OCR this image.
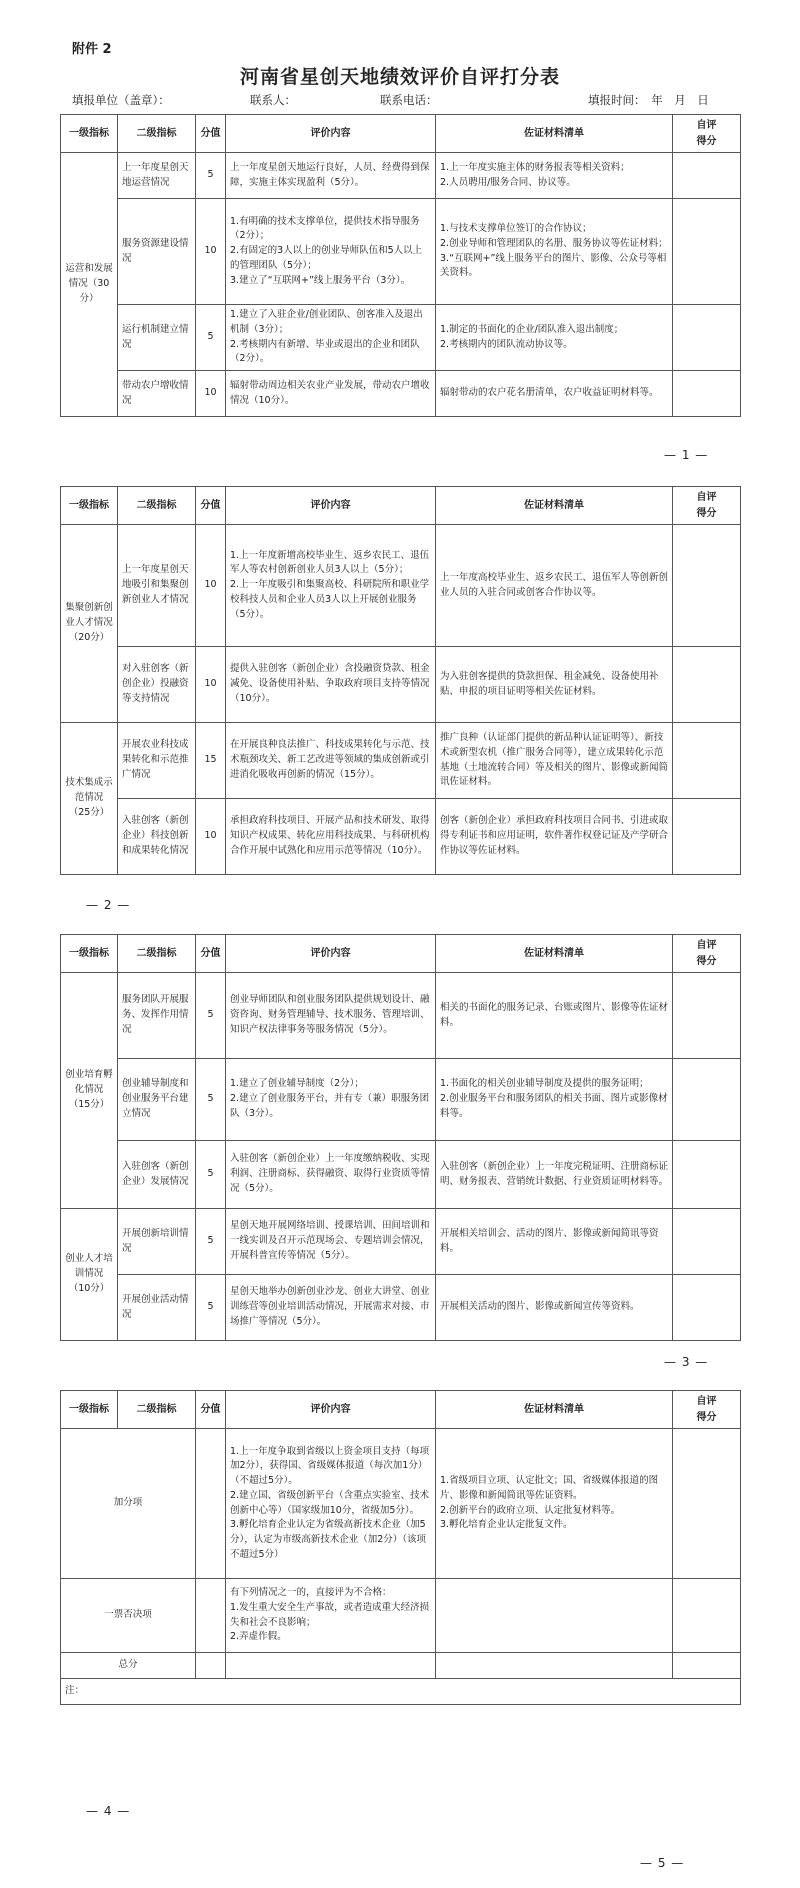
附件 2
河南省星创天地绩效评价自评打分表
填报单位（盖章）：	联系人：	联系电话：	填报时间：　年　月　日
一级指标	二级指标	分值	评价内容	佐证材料清单	自评
得分
运营和发展情况（30分）	上一年度星创天地运营情况	5	上一年度星创天地运行良好，人员、经费得到保障，实施主体实现盈利（5分）。	1.上一年度实施主体的财务报表等相关资料；
2.人员聘用/服务合同、协议等。	
	服务资源建设情况	10	1.有明确的技术支撑单位，提供技术指导服务（2分）；
2.有固定的3人以上的创业导师队伍和5人以上的管理团队（5分）；
3.建立了“互联网+”线上服务平台（3分）。	1.与技术支撑单位签订的合作协议；
2.创业导师和管理团队的名册、服务协议等佐证材料；
3.“互联网+”线上服务平台的图片、影像、公众号等相关资料。	
	运行机制建立情况	5	1.建立了入驻企业/创业团队、创客准入及退出机制（3分）；
2.考核期内有新增、毕业或退出的企业和团队（2分）。	1.制定的书面化的企业/团队准入退出制度；
2.考核期内的团队流动协议等。	
	带动农户增收情况	10	辐射带动周边相关农业产业发展，带动农户增收情况（10分）。	辐射带动的农户花名册清单，农户收益证明材料等。	
— 1 —
一级指标	二级指标	分值	评价内容	佐证材料清单	自评
得分
集聚创新创业人才情况（20分）	上一年度星创天地吸引和集聚创新创业人才情况	10	1.上一年度新增高校毕业生、返乡农民工、退伍军人等农村创新创业人员3人以上（5分）；
2.上一年度吸引和集聚高校、科研院所和职业学校科技人员和企业人员3人以上开展创业服务（5分）。	上一年度高校毕业生、返乡农民工、退伍军人等创新创业人员的入驻合同或创客合作协议等。	
	对入驻创客（新创企业）投融资等支持情况	10	提供入驻创客（新创企业）含投融资贷款、租金减免、设备使用补贴、争取政府项目支持等情况（10分）。	为入驻创客提供的贷款担保、租金减免、设备使用补贴、申报的项目证明等相关佐证材料。	
技术集成示范情况（25分）	开展农业科技成果转化和示范推广情况	15	在开展良种良法推广、科技成果转化与示范、技术瓶颈攻关、新工艺改进等领域的集成创新或引进消化吸收再创新的情况（15分）。	推广良种（认证部门提供的新品种认证证明等）、新技术或新型农机（推广服务合同等），建立成果转化示范基地（土地流转合同）等及相关的图片、影像或新闻简讯佐证材料。	
	入驻创客（新创企业）科技创新和成果转化情况	10	承担政府科技项目、开展产品和技术研发、取得知识产权成果、转化应用科技成果、与科研机构合作开展中试熟化和应用示范等情况（10分）。	创客（新创企业）承担政府科技项目合同书、引进或取得专利证书和应用证明，软件著作权登记证及产学研合作协议等佐证材料。	
— 2 —
一级指标	二级指标	分值	评价内容	佐证材料清单	自评
得分
创业培育孵化情况（15分）	服务团队开展服务、发挥作用情况	5	创业导师团队和创业服务团队提供规划设计、融资咨询、财务管理辅导、技术服务、管理培训、知识产权法律事务等服务情况（5分）。	相关的书面化的服务记录、台账或图片、影像等佐证材料。	
	创业辅导制度和创业服务平台建立情况	5	1.建立了创业辅导制度（2分）；
2.建立了创业服务平台，并有专（兼）职服务团队（3分）。	1.书面化的相关创业辅导制度及提供的服务证明；
2.创业服务平台和服务团队的相关书面、图片或影像材料等。	
	入驻创客（新创企业）发展情况	5	入驻创客（新创企业）上一年度缴纳税收、实现利润、注册商标、获得融资、取得行业资质等情况（5分）。	入驻创客（新创企业）上一年度完税证明、注册商标证明、财务报表、营销统计数据、行业资质证明材料等。	
创业人才培训情况（10分）	开展创新培训情况	5	星创天地开展网络培训、授课培训、田间培训和一线实训及召开示范现场会、专题培训会情况，开展科普宣传等情况（5分）。	开展相关培训会、活动的图片、影像或新闻简讯等资料。	
	开展创业活动情况	5	星创天地举办创新创业沙龙、创业大讲堂、创业训练营等创业培训活动情况，开展需求对接、市场推广等情况（5分）。	开展相关活动的图片、影像或新闻宣传等资料。	
— 3 —
一级指标	二级指标	分值	评价内容	佐证材料清单	自评
得分
加分项			1.上一年度争取到省级以上资金项目支持（每项加2分），获得国、省级媒体报道（每次加1分）（不超过5分）。
2.建立国、省级创新平台（含重点实验室、技术创新中心等）（国家级加10分，省级加5分）。
3.孵化培育企业认定为省级高新技术企业（加5分），认定为市级高新技术企业（加2分）（该项不超过5分）	1.省级项目立项、认定批文；国、省级媒体报道的图片、影像和新闻简讯等佐证资料。
2.创新平台的政府立项、认定批复材料等。
3.孵化培育企业认定批复文件。	
一票否决项			有下列情况之一的，直接评为不合格：
1.发生重大安全生产事故，或者造成重大经济损失和社会不良影响；
2.弄虚作假。		
总分					
注：					
— 4 —
— 5 —
